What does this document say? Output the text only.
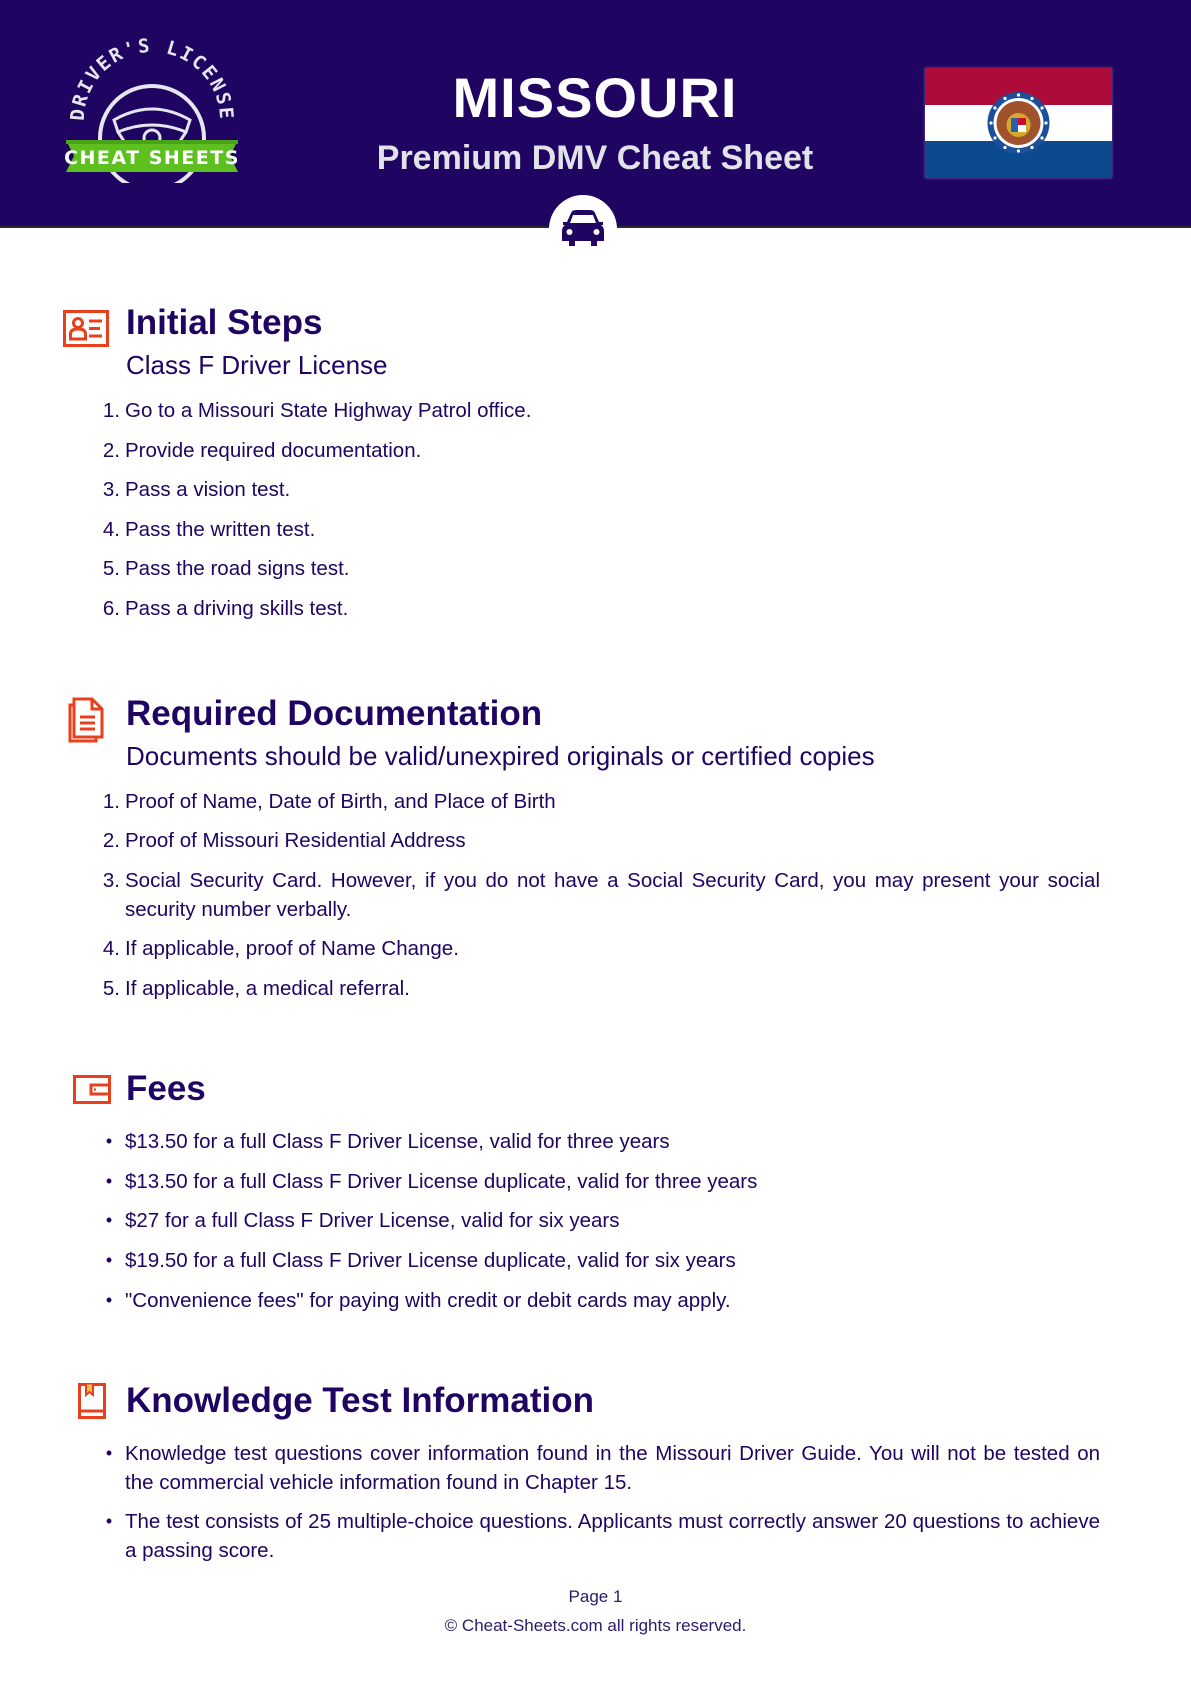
DRIVER'S LICENSE
CHEAT SHEETS
MISSOURI
Premium DMV Cheat Sheet
Initial Steps
Class F Driver License
1. Go to a Missouri State Highway Patrol office.
2. Provide required documentation.
3. Pass a vision test.
4. Pass the written test.
5. Pass the road signs test.
6. Pass a driving skills test.
Required Documentation
Documents should be valid/unexpired originals or certified copies
1. Proof of Name, Date of Birth, and Place of Birth
2. Proof of Missouri Residential Address
3. Social Security Card. However, if you do not have a Social Security Card, you may present your social security number verbally.
4. If applicable, proof of Name Change.
5. If applicable, a medical referral.
Fees
• $13.50 for a full Class F Driver License, valid for three years
• $13.50 for a full Class F Driver License duplicate, valid for three years
• $27 for a full Class F Driver License, valid for six years
• $19.50 for a full Class F Driver License duplicate, valid for six years
• "Convenience fees" for paying with credit or debit cards may apply.
Knowledge Test Information
• Knowledge test questions cover information found in the Missouri Driver Guide. You will not be tested on the commercial vehicle information found in Chapter 15.
• The test consists of 25 multiple-choice questions. Applicants must correctly answer 20 questions to achieve a passing score.
Page 1
© Cheat-Sheets.com all rights reserved.
